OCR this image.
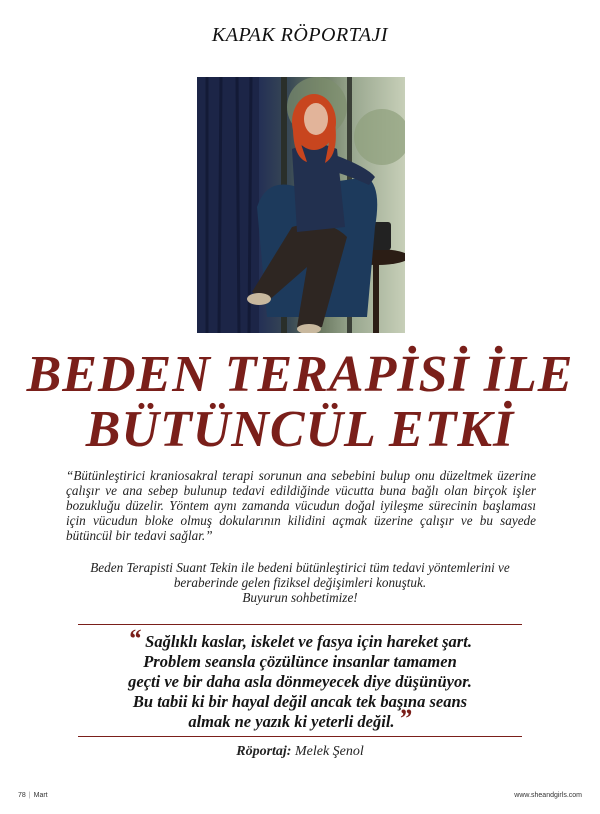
KAPAK RÖPORTAJI
BEDEN TERAPİSİ İLE
BÜTÜNCÜL ETKİ

“Bütünleştirici kraniosakral terapi sorunun ana sebebini bulup onu düzeltmek üzerine çalışır ve ana sebep bulunup tedavi edildiğinde vücutta buna bağlı olan birçok işler bozukluğu düzelir. Yöntem aynı zamanda vücudun doğal iyileşme sürecinin başlaması için vücudun bloke olmuş dokularının kilidini açmak üzerine çalışır ve bu sayede bütüncül bir tedavi sağlar.”

Beden Terapisti Suant Tekin ile bedeni bütünleştirici tüm tedavi yöntemlerini ve
beraberinde gelen fiziksel değişimleri konuştuk.
Buyurun sohbetimize!

“ Sağlıklı kaslar, iskelet ve fasya için hareket şart.
Problem seansla çözülünce insanlar tamamen
geçti ve bir daha asla dönmeyecek diye düşünüyor.
Bu tabii ki bir hayal değil ancak tek başına seans
almak ne yazık ki yeterli değil. ”
Röportaj: Melek Şenol
78 | Mart	www.sheandgirls.com
